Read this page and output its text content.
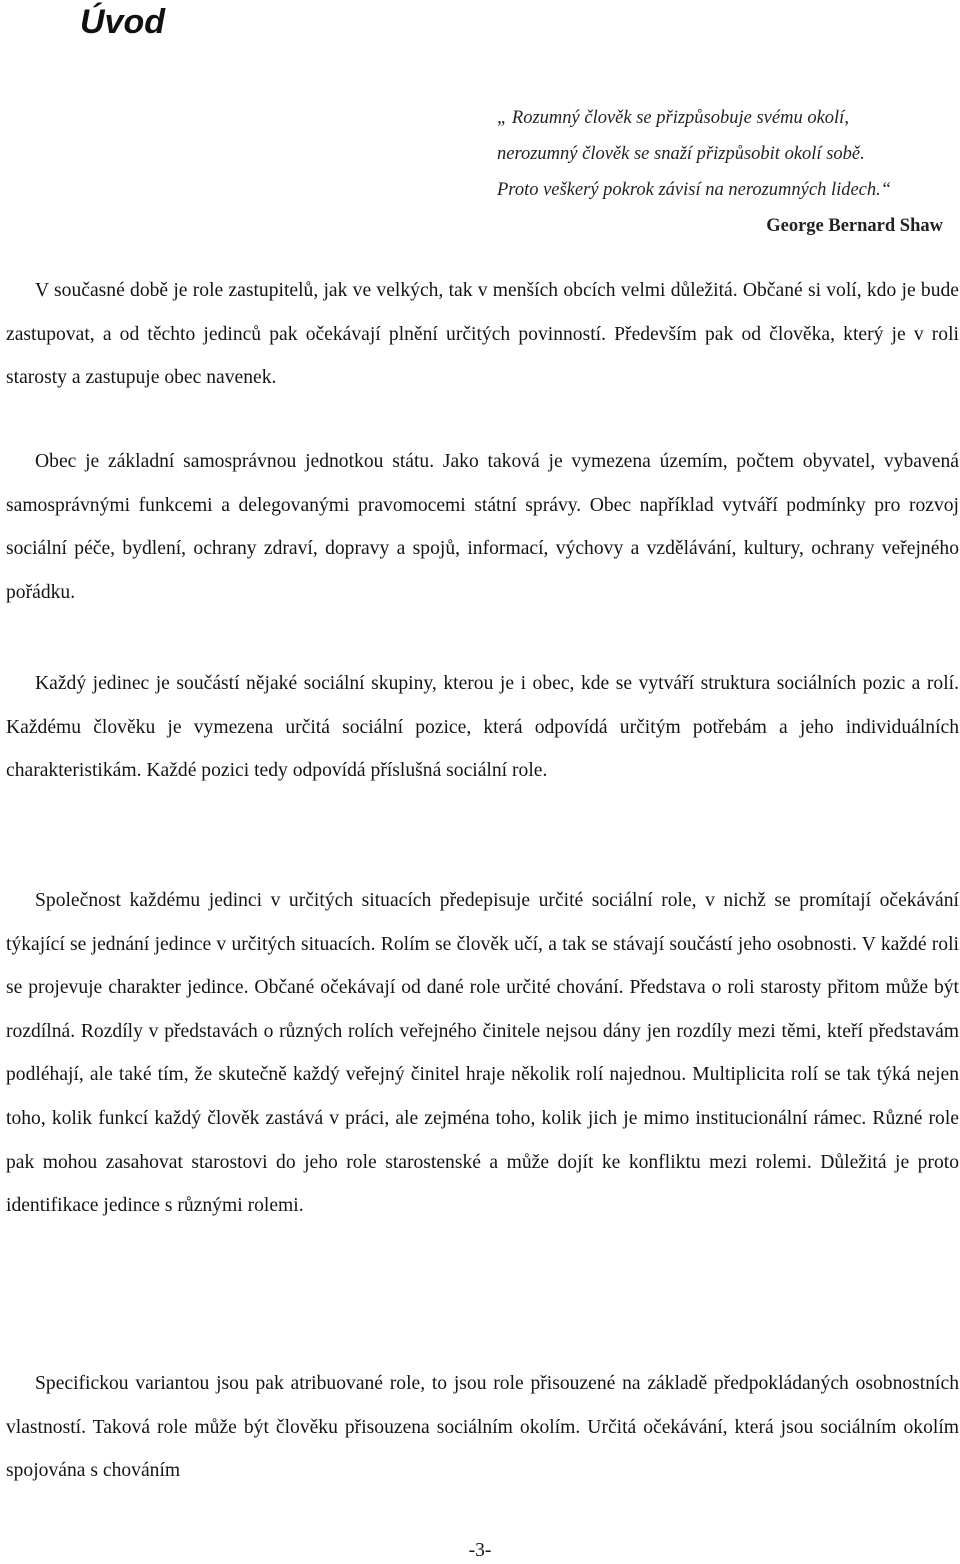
Úvod
„ Rozumný člověk se přizpůsobuje svému okolí,
nerozumný člověk se snaží přizpůsobit okolí sobě.
Proto veškerý pokrok závisí na nerozumných lidech.“
George Bernard Shaw

V současné době je role zastupitelů, jak ve velkých, tak v menších obcích velmi důležitá. Občané si volí, kdo je bude zastupovat, a od těchto jedinců pak očekávají plnění určitých povinností. Především pak od člověka, který je v roli starosty a zastupuje obec navenek.

Obec je základní samosprávnou jednotkou státu. Jako taková je vymezena územím, počtem obyvatel, vybavená samosprávnými funkcemi a delegovanými pravomocemi státní správy. Obec například vytváří podmínky pro rozvoj sociální péče, bydlení, ochrany zdraví, dopravy a spojů, informací, výchovy a vzdělávání, kultury, ochrany veřejného pořádku.

Každý jedinec je součástí nějaké sociální skupiny, kterou je i obec, kde se vytváří struktura sociálních pozic a rolí. Každému člověku je vymezena určitá sociální pozice, která odpovídá určitým potřebám a jeho individuálních charakteristikám. Každé pozici tedy odpovídá příslušná sociální role.

Společnost každému jedinci v určitých situacích předepisuje určité sociální role, v nichž se promítají očekávání týkající se jednání jedince v určitých situacích. Rolím se člověk učí, a tak se stávají součástí jeho osobnosti. V každé roli se projevuje charakter jedince. Občané očekávají od dané role určité chování. Představa o roli starosty přitom může být rozdílná. Rozdíly v představách o různých rolích veřejného činitele nejsou dány jen rozdíly mezi těmi, kteří představám podléhají, ale také tím, že skutečně každý veřejný činitel hraje několik rolí najednou. Multiplicita rolí se tak týká nejen toho, kolik funkcí každý člověk zastává v práci, ale zejména toho, kolik jich je mimo institucionální rámec. Různé role pak mohou zasahovat starostovi do jeho role starostenské a může dojít ke konfliktu mezi rolemi. Důležitá je proto identifikace jedince s různými rolemi.

Specifickou variantou jsou pak atribuované role, to jsou role přisouzené na základě předpokládaných osobnostních vlastností. Taková role může být člověku přisouzena sociálním okolím. Určitá očekávání, která jsou sociálním okolím spojována s chováním

-3-
